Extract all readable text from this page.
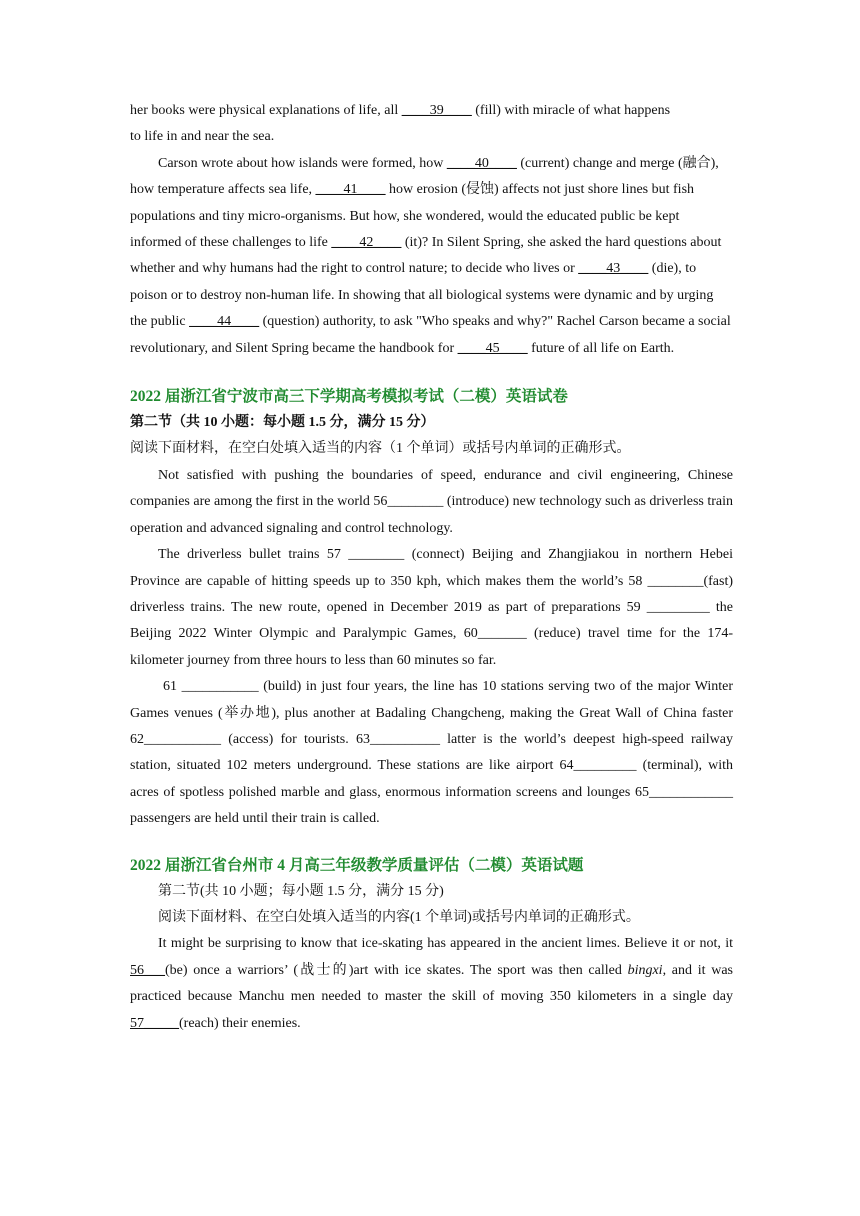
her books were physical explanations of life, all ____39____ (fill) with miracle of what happens

to life in and near the sea.

Carson wrote about how islands were formed, how ____40____ (current) change and merge (融合), how temperature affects sea life, ____41____ how erosion (侵蚀) affects not just shore lines but fish populations and tiny micro-organisms. But how, she wondered, would the educated public be kept informed of these challenges to life ____42____ (it)? In Silent Spring, she asked the hard questions about whether and why humans had the right to control nature; to decide who lives or ____43____ (die), to poison or to destroy non-human life. In showing that all biological systems were dynamic and by urging the public ____44____ (question) authority, to ask "Who speaks and why?" Rachel Carson became a social revolutionary, and Silent Spring became the handbook for ____45____ future of all life on Earth.

2022 届浙江省宁波市高三下学期高考模拟考试（二模）英语试卷

第二节（共 10 小题：每小题 1.5 分，满分 15 分）

阅读下面材料，在空白处填入适当的内容（1 个单词）或括号内单词的正确形式。

Not satisfied with pushing the boundaries of speed, endurance and civil engineering, Chinese companies are among the first in the world 56________ (introduce) new technology such as driverless train operation and advanced signaling and control technology.

The driverless bullet trains 57 ________ (connect) Beijing and Zhangjiakou in northern Hebei Province are capable of hitting speeds up to 350 kph, which makes them the world’s 58 ________(fast) driverless trains. The new route, opened in December 2019 as part of preparations 59 _________ the Beijing 2022 Winter Olympic and Paralympic Games, 60_______ (reduce) travel time for the 174-kilometer journey from three hours to less than 60 minutes so far.

61 ___________ (build) in just four years, the line has 10 stations serving two of the major Winter Games venues (举办地), plus another at Badaling Changcheng, making the Great Wall of China faster 62___________ (access) for tourists. 63__________ latter is the world’s deepest high-speed railway station, situated 102 meters underground. These stations are like airport 64_________ (terminal), with acres of spotless polished marble and glass, enormous information screens and lounges 65____________ passengers are held until their train is called.

2022 届浙江省台州市 4 月高三年级教学质量评估（二模）英语试题

第二节(共 10 小题；每小题 1.5 分，满分 15 分)

阅读下面材料、在空白处填入适当的内容(1 个单词)或括号内单词的正确形式。

It might be surprising to know that ice-skating has appeared in the ancient limes. Believe it or not, it 56___(be) once a warriors’ (战士的)art with ice skates. The sport was then called bingxi, and it was practiced because Manchu men needed to master the skill of moving 350 kilometers in a single day 57_____(reach) their enemies.
